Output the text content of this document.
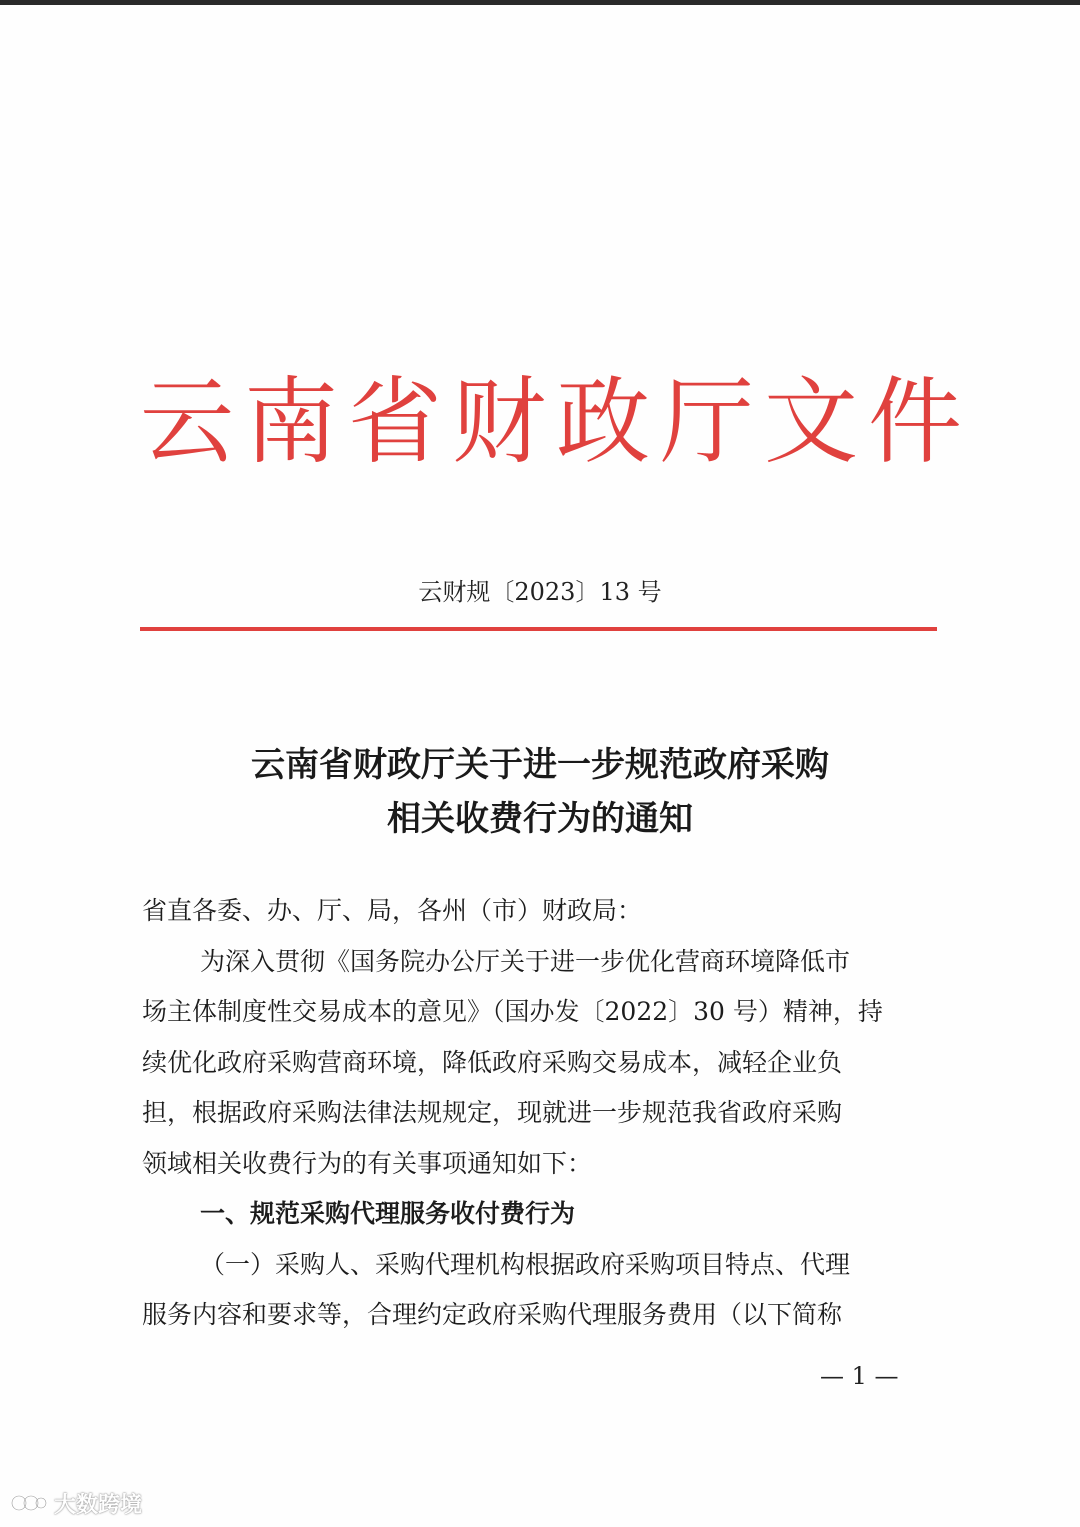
云南省财政厅文件
云财规〔2023〕13 号
云南省财政厅关于进一步规范政府采购
相关收费行为的通知

省直各委、办、厅、局，各州（市）财政局：

为深入贯彻《国务院办公厅关于进一步优化营商环境降低市

场主体制度性交易成本的意见》（国办发〔2022〕30 号）精神，持

续优化政府采购营商环境，降低政府采购交易成本，减轻企业负

担，根据政府采购法律法规规定，现就进一步规范我省政府采购

领域相关收费行为的有关事项通知如下：

一、规范采购代理服务收付费行为

（一）采购人、采购代理机构根据政府采购项目特点、代理

服务内容和要求等，合理约定政府采购代理服务费用（以下简称

— 1 —
大数跨境
